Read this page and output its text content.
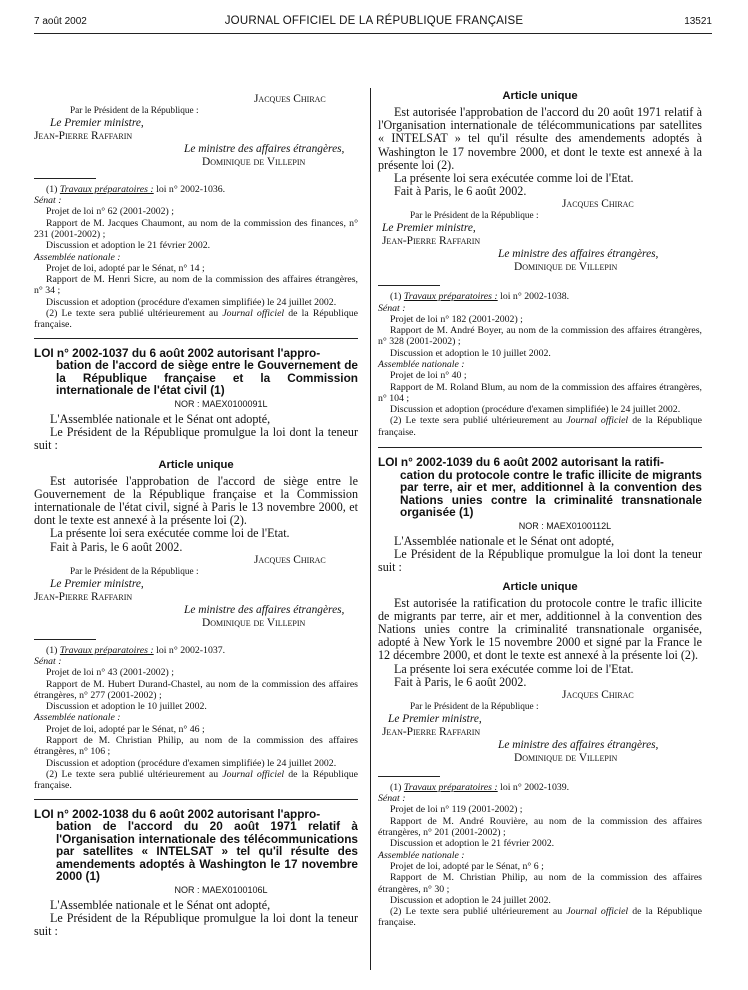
7 août 2002	JOURNAL OFFICIEL DE LA RÉPUBLIQUE FRANÇAISE	13521

Jacques Chirac

Par le Président de la République :

Le Premier ministre,

Jean-Pierre Raffarin

Le ministre des affaires étrangères,

Dominique de Villepin

(1) Travaux préparatoires : loi n° 2002-1036.

Sénat :

Projet de loi n° 62 (2001-2002) ;

Rapport de M. Jacques Chaumont, au nom de la commission des finances, n° 231 (2001-2002) ;

Discussion et adoption le 21 février 2002.

Assemblée nationale :

Projet de loi, adopté par le Sénat, n° 14 ;

Rapport de M. Henri Sicre, au nom de la commission des affaires étrangères, n° 34 ;

Discussion et adoption (procédure d'examen simplifiée) le 24 juillet 2002.

(2) Le texte sera publié ultérieurement au Journal officiel de la République française.

LOI n° 2002-1037 du 6 août 2002 autorisant l'appro-
bation de l'accord de siège entre le Gouvernement de la République française et la Commission internationale de l'état civil (1)

NOR : MAEX0100091L

L'Assemblée nationale et le Sénat ont adopté,

Le Président de la République promulgue la loi dont la teneur suit :

Article unique

Est autorisée l'approbation de l'accord de siège entre le Gouvernement de la République française et la Commission internationale de l'état civil, signé à Paris le 13 novembre 2000, et dont le texte est annexé à la présente loi (2).

La présente loi sera exécutée comme loi de l'Etat.

Fait à Paris, le 6 août 2002.

Jacques Chirac

Par le Président de la République :

Le Premier ministre,

Jean-Pierre Raffarin

Le ministre des affaires étrangères,

Dominique de Villepin

(1) Travaux préparatoires : loi n° 2002-1037.

Sénat :

Projet de loi n° 43 (2001-2002) ;

Rapport de M. Hubert Durand-Chastel, au nom de la commission des affaires étrangères, n° 277 (2001-2002) ;

Discussion et adoption le 10 juillet 2002.

Assemblée nationale :

Projet de loi, adopté par le Sénat, n° 46 ;

Rapport de M. Christian Philip, au nom de la commission des affaires étrangères, n° 106 ;

Discussion et adoption (procédure d'examen simplifiée) le 24 juillet 2002.

(2) Le texte sera publié ultérieurement au Journal officiel de la République française.

LOI n° 2002-1038 du 6 août 2002 autorisant l'appro-
bation de l'accord du 20 août 1971 relatif à l'Organisation internationale des télécommunications par satellites « INTELSAT » tel qu'il résulte des amendements adoptés à Washington le 17 novembre 2000 (1)

NOR : MAEX0100106L

L'Assemblée nationale et le Sénat ont adopté,

Le Président de la République promulgue la loi dont la teneur suit :

Article unique

Est autorisée l'approbation de l'accord du 20 août 1971 relatif à l'Organisation internationale de télécommunications par satellites « INTELSAT » tel qu'il résulte des amendements adoptés à Washington le 17 novembre 2000, et dont le texte est annexé à la présente loi (2).

La présente loi sera exécutée comme loi de l'Etat.

Fait à Paris, le 6 août 2002.

Jacques Chirac

Par le Président de la République :

Le Premier ministre,

Jean-Pierre Raffarin

Le ministre des affaires étrangères,

Dominique de Villepin

(1) Travaux préparatoires : loi n° 2002-1038.

Sénat :

Projet de loi n° 182 (2001-2002) ;

Rapport de M. André Boyer, au nom de la commission des affaires étrangères, n° 328 (2001-2002) ;

Discussion et adoption le 10 juillet 2002.

Assemblée nationale :

Projet de loi n° 40 ;

Rapport de M. Roland Blum, au nom de la commission des affaires étrangères, n° 104 ;

Discussion et adoption (procédure d'examen simplifiée) le 24 juillet 2002.

(2) Le texte sera publié ultérieurement au Journal officiel de la République française.

LOI n° 2002-1039 du 6 août 2002 autorisant la ratifi-
cation du protocole contre le trafic illicite de migrants par terre, air et mer, additionnel à la convention des Nations unies contre la criminalité transnationale organisée (1)

NOR : MAEX0100112L

L'Assemblée nationale et le Sénat ont adopté,

Le Président de la République promulgue la loi dont la teneur suit :

Article unique

Est autorisée la ratification du protocole contre le trafic illicite de migrants par terre, air et mer, additionnel à la convention des Nations unies contre la criminalité transnationale organisée, adopté à New York le 15 novembre 2000 et signé par la France le 12 décembre 2000, et dont le texte est annexé à la présente loi (2).

La présente loi sera exécutée comme loi de l'Etat.

Fait à Paris, le 6 août 2002.

Jacques Chirac

Par le Président de la République :

Le Premier ministre,

Jean-Pierre Raffarin

Le ministre des affaires étrangères,

Dominique de Villepin

(1) Travaux préparatoires : loi n° 2002-1039.

Sénat :

Projet de loi n° 119 (2001-2002) ;

Rapport de M. André Rouvière, au nom de la commission des affaires étrangères, n° 201 (2001-2002) ;

Discussion et adoption le 21 février 2002.

Assemblée nationale :

Projet de loi, adopté par le Sénat, n° 6 ;

Rapport de M. Christian Philip, au nom de la commission des affaires étrangères, n° 30 ;

Discussion et adoption le 24 juillet 2002.

(2) Le texte sera publié ultérieurement au Journal officiel de la République française.
